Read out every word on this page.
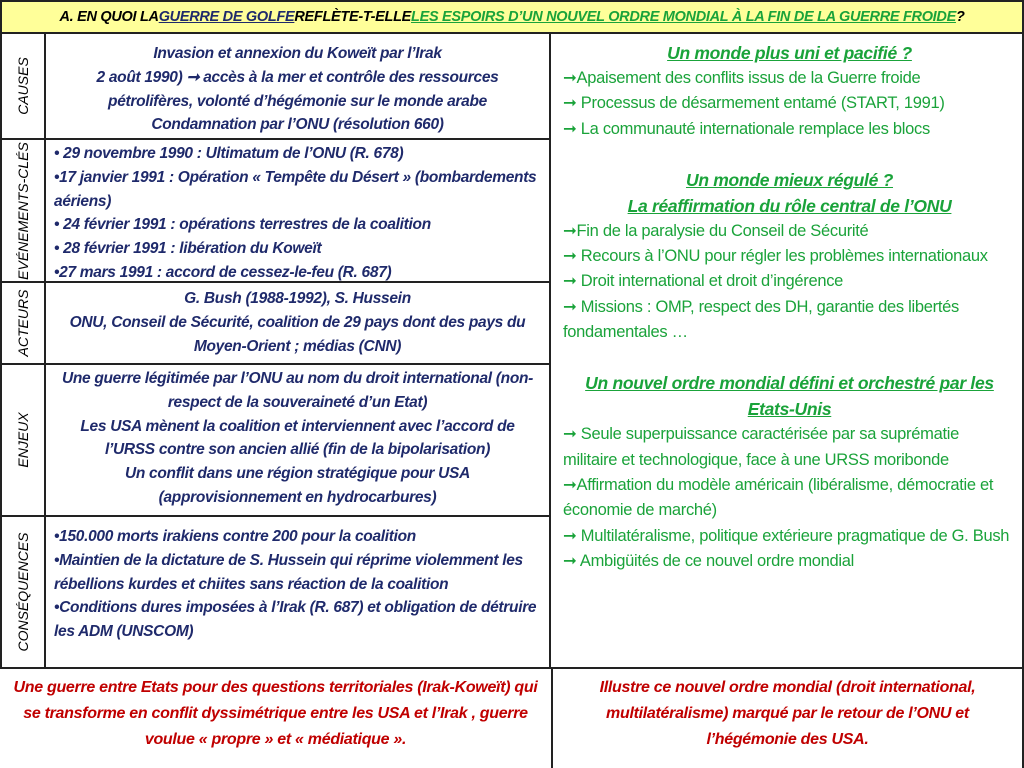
A. EN QUOI LA GUERRE DE GOLFE REFLÈTE-T-ELLE LES ESPOIRS D’UN NOUVEL ORDRE MONDIAL À LA FIN DE LA GUERRE FROIDE ?
CAUSES
Invasion et annexion du Koweït par l’Irak
2 août 1990) ➞ accès à la mer et contrôle des ressources pétrolifères, volonté d’hégémonie sur le monde arabe
Condamnation par l’ONU (résolution 660)
EVÉNEMENTS-CLÉS • 29 novembre 1990 : Ultimatum de l’ONU (R. 678)
•17 janvier 1991 : Opération « Tempête du Désert » (bombardements aériens)
• 24 février 1991 : opérations terrestres de la coalition
• 28 février 1991 : libération du Koweït
•27 mars 1991 : accord de cessez-le-feu (R. 687)
ACTEURS	G. Bush (1988-1992), S. Hussein
ONU, Conseil de Sécurité, coalition de 29 pays dont des pays du Moyen-Orient ; médias (CNN)
ENJEUX
Une guerre légitimée par l’ONU au nom du droit international (non-respect de la souveraineté d’un Etat)
Les USA mènent la coalition et interviennent avec l’accord de l’URSS contre son ancien allié (fin de la bipolarisation)
Un conflit dans une région stratégique pour USA (approvisionnement en hydrocarbures)
CONSÉQUENCES •150.000 morts irakiens contre 200 pour la coalition
•Maintien de la dictature de S. Hussein qui réprime violemment les rébellions kurdes et chiites sans réaction de la coalition
•Conditions dures imposées à l’Irak (R. 687) et obligation de détruire les ADM (UNSCOM)
Un monde plus uni et pacifié ?
➞Apaisement des conflits issus de la Guerre froide
➞ Processus de désarmement entamé (START, 1991)
➞ La communauté internationale remplace les blocs
Un monde mieux régulé ?
La réaffirmation du rôle central de l’ONU
➞Fin de la paralysie du Conseil de Sécurité
➞ Recours à l’ONU pour régler les problèmes internationaux
➞ Droit international et droit d’ingérence
➞ Missions : OMP, respect des DH, garantie des libertés fondamentales …
Un nouvel ordre mondial défini et orchestré par les Etats-Unis
➞ Seule superpuissance caractérisée par sa suprématie militaire et technologique, face à une URSS moribonde
➞Affirmation du modèle américain (libéralisme, démocratie et économie de marché)
➞ Multilatéralisme, politique extérieure pragmatique de G. Bush
➞ Ambigüités de ce nouvel ordre mondial
Une guerre entre Etats pour des questions territoriales (Irak-Koweït) qui se transforme en conflit dyssimétrique entre les USA et l’Irak , guerre voulue « propre » et « médiatique ».
Illustre ce nouvel ordre mondial (droit international, multilatéralisme) marqué par le retour de l’ONU et l’hégémonie des USA.
